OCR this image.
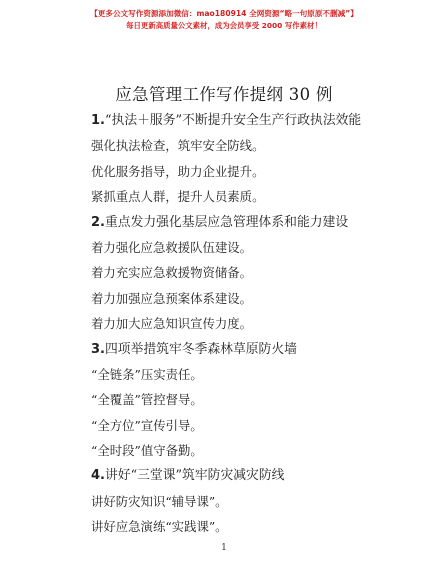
【更多公文写作资源添加微信：mao180914 全网资源“略一句原原不删减”】
每日更新高质量公文素材，成为会员享受 2000 写作素材！
应急管理工作写作提纲 30 例
1.“执法＋服务”不断提升安全生产行政执法效能
强化执法检查，筑牢安全防线。
优化服务指导，助力企业提升。
紧抓重点人群，提升人员素质。
2.重点发力强化基层应急管理体系和能力建设
着力强化应急救援队伍建设。
着力充实应急救援物资储备。
着力加强应急预案体系建设。
着力加大应急知识宣传力度。
3.四项举措筑牢冬季森林草原防火墙
“全链条”压实责任。
“全覆盖”管控督导。
“全方位”宣传引导。
“全时段”值守备勤。
4.讲好“三堂课”筑牢防灾减灾防线
讲好防灾知识“辅导课”。
讲好应急演练“实践课”。
1
